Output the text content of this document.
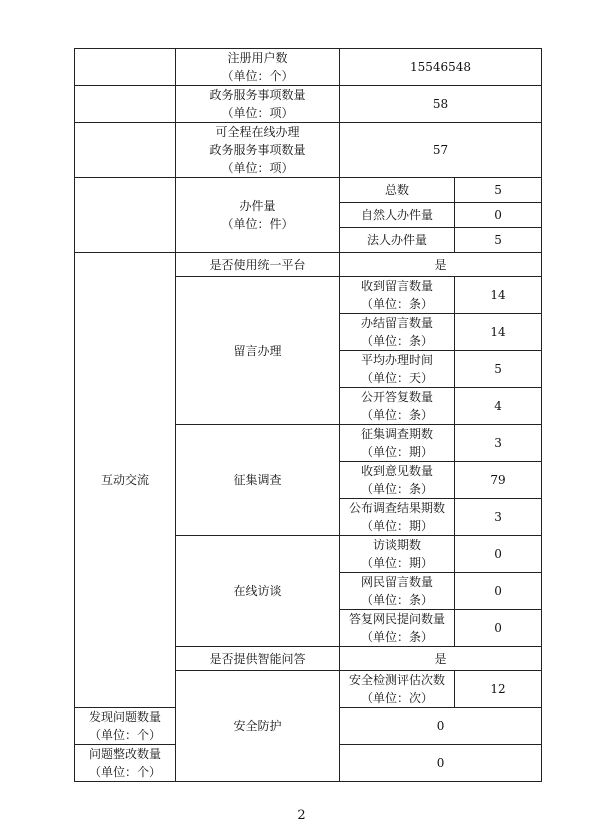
	注册用户数
（单位：个）	15546548	

	政务服务事项数量
（单位：项）	58	

	可全程在线办理
政务服务事项数量
（单位：项）	57	

	办件量
（单位：件）	总数	5
		自然人办件量	0
		法人办件量	5
互动交流	是否使用统一平台	是	
	留言办理	收到留言数量
（单位：条）	14

		办结留言数量
（单位：条）	14

		平均办理时间
（单位：天）	5

		公开答复数量
（单位：条）	4
	征集调查	征集调查期数
（单位：期）	3

		收到意见数量
（单位：条）	79

		公布调查结果期数
（单位：期）	3
	在线访谈	访谈期数
（单位：期）	0

		网民留言数量
（单位：条）	0

		答复网民提问数量
（单位：条）	0
	是否提供智能问答	是	
	安全防护	安全检测评估次数
（单位：次）	12

发现问题数量
（单位：个）		0	

问题整改数量
（单位：个）		0	
2
